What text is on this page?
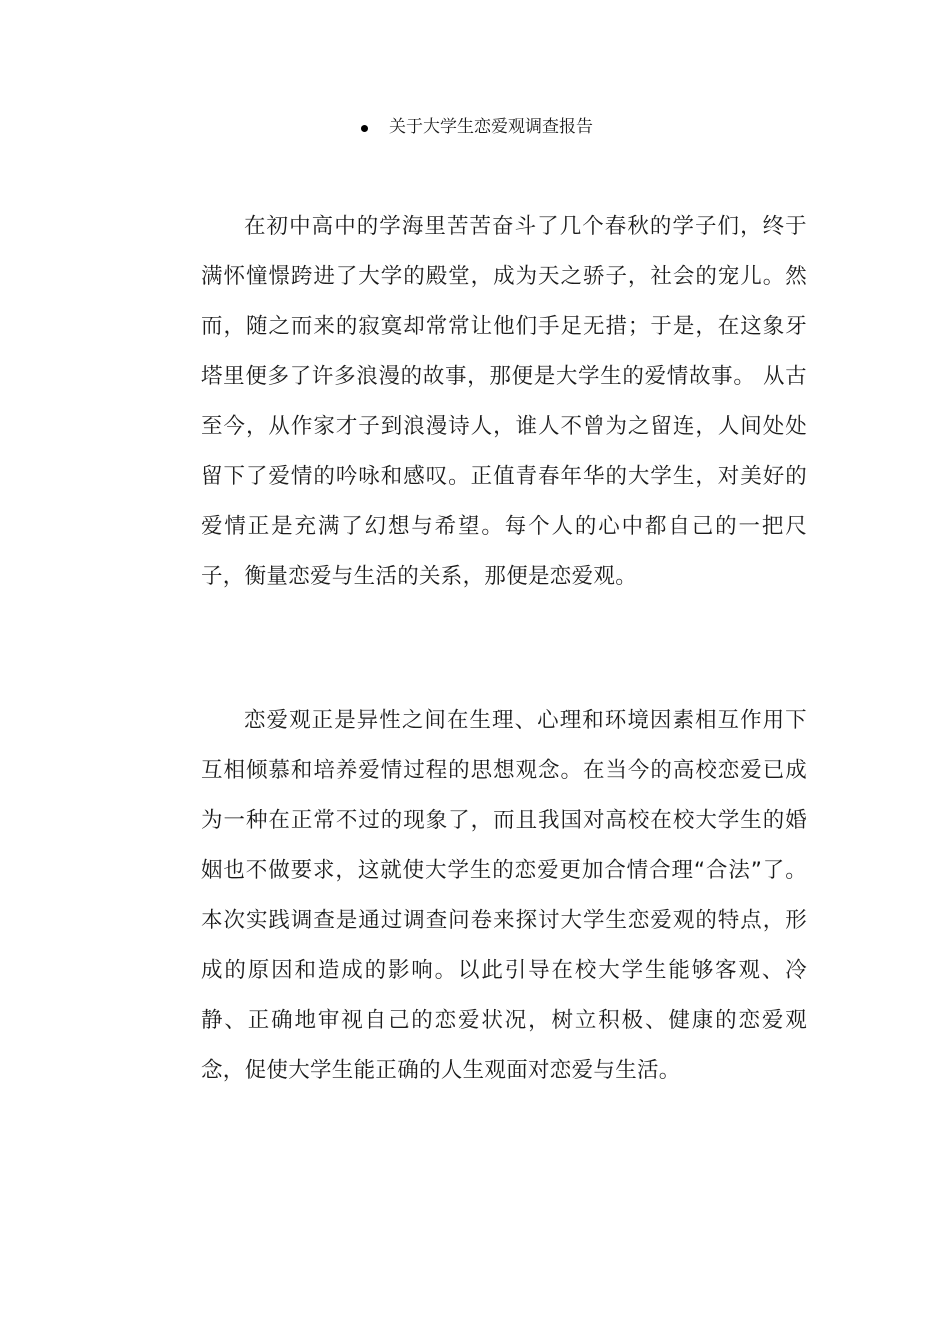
关于大学生恋爱观调查报告

在初中高中的学海里苦苦奋斗了几个春秋的学子们，终于满怀憧憬跨进了大学的殿堂，成为天之骄子，社会的宠儿。然而，随之而来的寂寞却常常让他们手足无措；于是，在这象牙塔里便多了许多浪漫的故事，那便是大学生的爱情故事。 从古至今，从作家才子到浪漫诗人，谁人不曾为之留连，人间处处留下了爱情的吟咏和感叹。正值青春年华的大学生，对美好的爱情正是充满了幻想与希望。每个人的心中都自己的一把尺子，衡量恋爱与生活的关系，那便是恋爱观。

恋爱观正是异性之间在生理、心理和环境因素相互作用下互相倾慕和培养爱情过程的思想观念。在当今的高校恋爱已成为一种在正常不过的现象了，而且我国对高校在校大学生的婚姻也不做要求，这就使大学生的恋爱更加合情合理“合法”了。本次实践调查是通过调查问卷来探讨大学生恋爱观的特点，形成的原因和造成的影响。以此引导在校大学生能够客观、冷静、正确地审视自己的恋爱状况，树立积极、健康的恋爱观念，促使大学生能正确的人生观面对恋爱与生活。
